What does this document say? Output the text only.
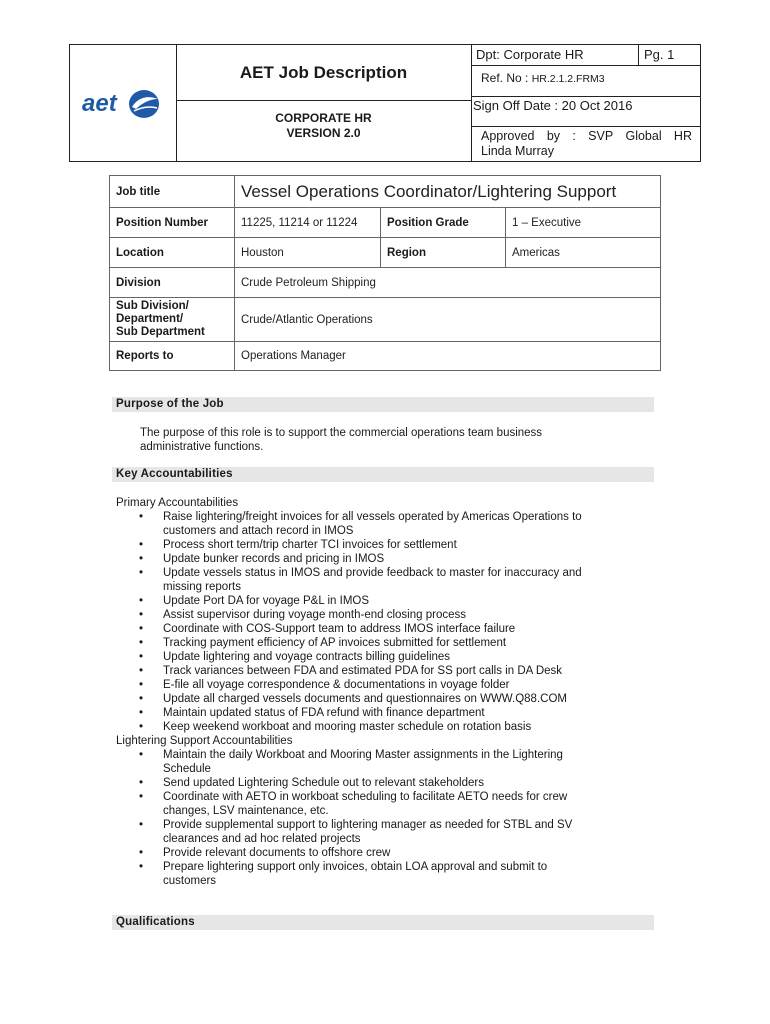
aet
AET Job Description
CORPORATE HR
VERSION 2.0
Dpt: Corporate HR	Pg. 1
Ref. No : HR.2.1.2.FRM3
Sign Off Date : 20 Oct 2016
Approved by : SVP Global HR
Linda Murray
Job title	Vessel Operations Coordinator/Lightering Support		
Position Number	11225, 11214 or 11224	Position Grade	1 – Executive
Location	Houston	Region	Americas
Division	Crude Petroleum Shipping		

Sub Division/
Department/
Sub Department	Crude/Atlantic Operations		
Reports to	Operations Manager		
Purpose of the Job
The purpose of this role is to support the commercial operations team business
administrative functions.
Key Accountabilities
Primary Accountabilities
• Raise lightering/freight invoices for all vessels operated by Americas Operations to
customers and attach record in IMOS
• Process short term/trip charter TCI invoices for settlement
• Update bunker records and pricing in IMOS
• Update vessels status in IMOS and provide feedback to master for inaccuracy and
missing reports
• Update Port DA for voyage P&L in IMOS
• Assist supervisor during voyage month-end closing process
• Coordinate with COS-Support team to address IMOS interface failure
• Tracking payment efficiency of AP invoices submitted for settlement
• Update lightering and voyage contracts billing guidelines
• Track variances between FDA and estimated PDA for SS port calls in DA Desk
• E-file all voyage correspondence & documentations in voyage folder
• Update all charged vessels documents and questionnaires on WWW.Q88.COM
• Maintain updated status of FDA refund with finance department
• Keep weekend workboat and mooring master schedule on rotation basis
Lightering Support Accountabilities
• Maintain the daily Workboat and Mooring Master assignments in the Lightering
Schedule
• Send updated Lightering Schedule out to relevant stakeholders
• Coordinate with AETO in workboat scheduling to facilitate AETO needs for crew
changes, LSV maintenance, etc.
• Provide supplemental support to lightering manager as needed for STBL and SV
clearances and ad hoc related projects
• Provide relevant documents to offshore crew
• Prepare lightering support only invoices, obtain LOA approval and submit to
customers
Qualifications
